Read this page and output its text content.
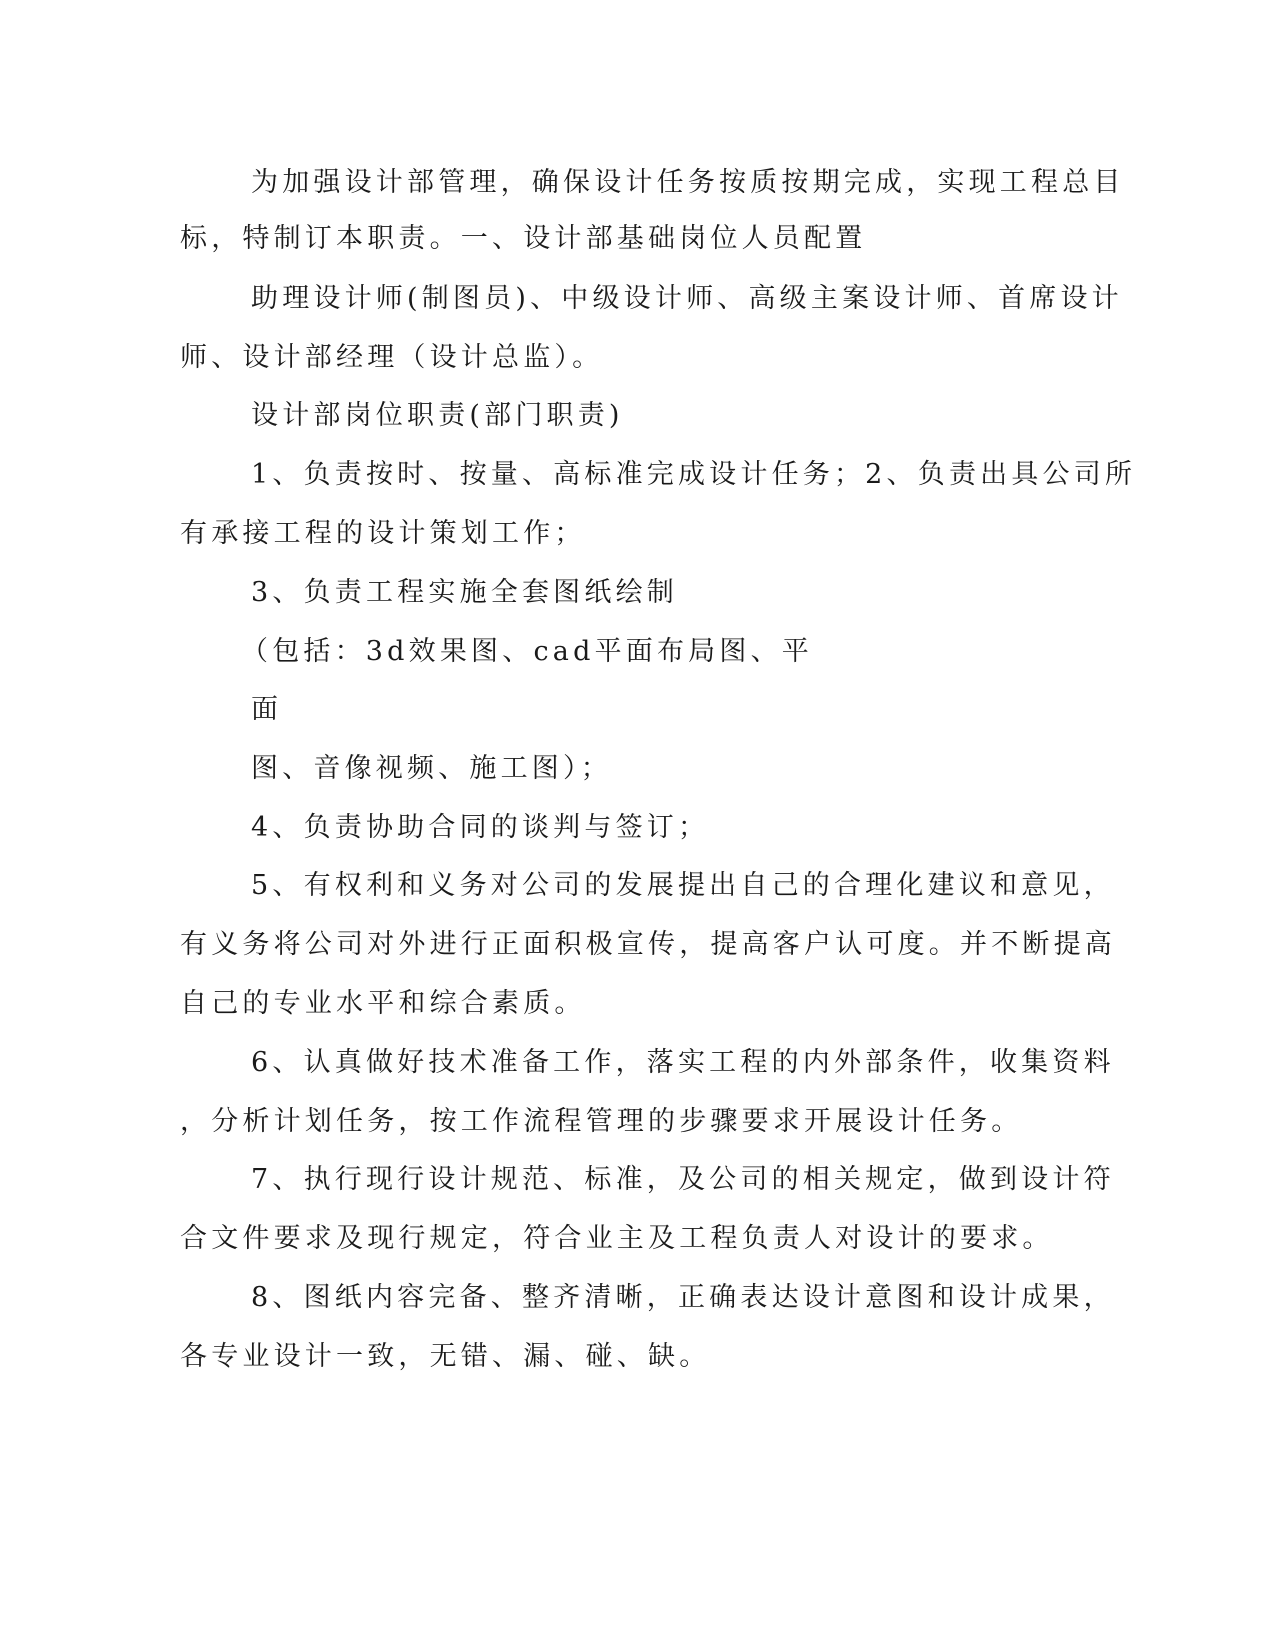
为加强设计部管理，确保设计任务按质按期完成，实现工程总目
标，特制订本职责。一、设计部基础岗位人员配置
助理设计师(制图员)、中级设计师、高级主案设计师、首席设计
师、设计部经理（设计总监）。
设计部岗位职责(部门职责)
1、负责按时、按量、高标准完成设计任务；2、负责出具公司所
有承接工程的设计策划工作；
3、负责工程实施全套图纸绘制
（包括：3d效果图、cad平面布局图、平
面
图、音像视频、施工图）；
4、负责协助合同的谈判与签订；
5、有权利和义务对公司的发展提出自己的合理化建议和意见，
有义务将公司对外进行正面积极宣传，提高客户认可度。并不断提高
自己的专业水平和综合素质。
6、认真做好技术准备工作，落实工程的内外部条件，收集资料
，分析计划任务，按工作流程管理的步骤要求开展设计任务。
7、执行现行设计规范、标准，及公司的相关规定，做到设计符
合文件要求及现行规定，符合业主及工程负责人对设计的要求。
8、图纸内容完备、整齐清晰，正确表达设计意图和设计成果，
各专业设计一致，无错、漏、碰、缺。
